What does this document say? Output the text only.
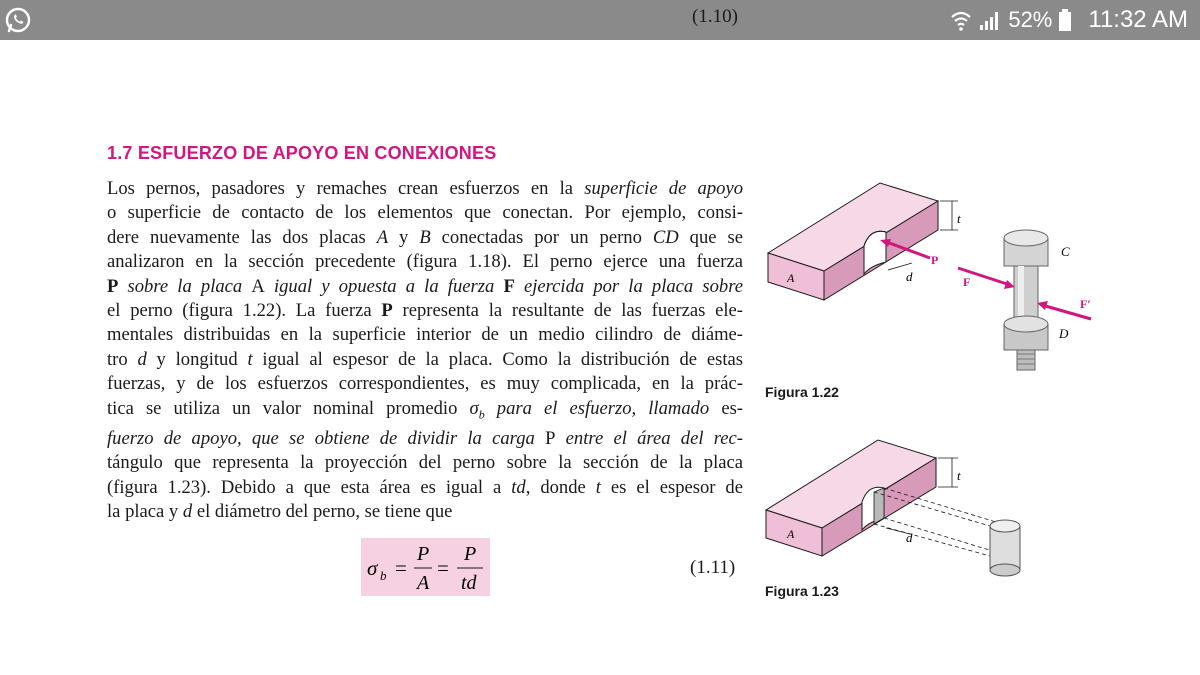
52% 11:32 AM
(1.10)
1.7 ESFUERZO DE APOYO EN CONEXIONES
Los pernos, pasadores y remaches crean esfuerzos en la superficie de apoyo
o superficie de contacto de los elementos que conectan. Por ejemplo, consi-
dere nuevamente las dos placas A y B conectadas por un perno CD que se
analizaron en la sección precedente (figura 1.18). El perno ejerce una fuerza
P sobre la placa A igual y opuesta a la fuerza F ejercida por la placa sobre
el perno (figura 1.22). La fuerza P representa la resultante de las fuerzas ele-
mentales distribuidas en la superficie interior de un medio cilindro de diáme-
tro d y longitud t igual al espesor de la placa. Como la distribución de estas
fuerzas, y de los esfuerzos correspondientes, es muy complicada, en la prác-
tica se utiliza un valor nominal promedio $\sigma_b$ para el esfuerzo, llamado es-
fuerzo de apoyo, que se obtiene de dividir la carga P entre el área del rec-
tángulo que representa la proyección del perno sobre la sección de la placa
(figura 1.23). Debido a que esta área es igual a td, donde t es el espesor de
la placa y d el diámetro del perno, se tiene que
σ b =
P
A
=
P
td
(1.11)
A
P
d
t
C
D
F
F′
Figura 1.22
A	d
t
Figura 1.23
